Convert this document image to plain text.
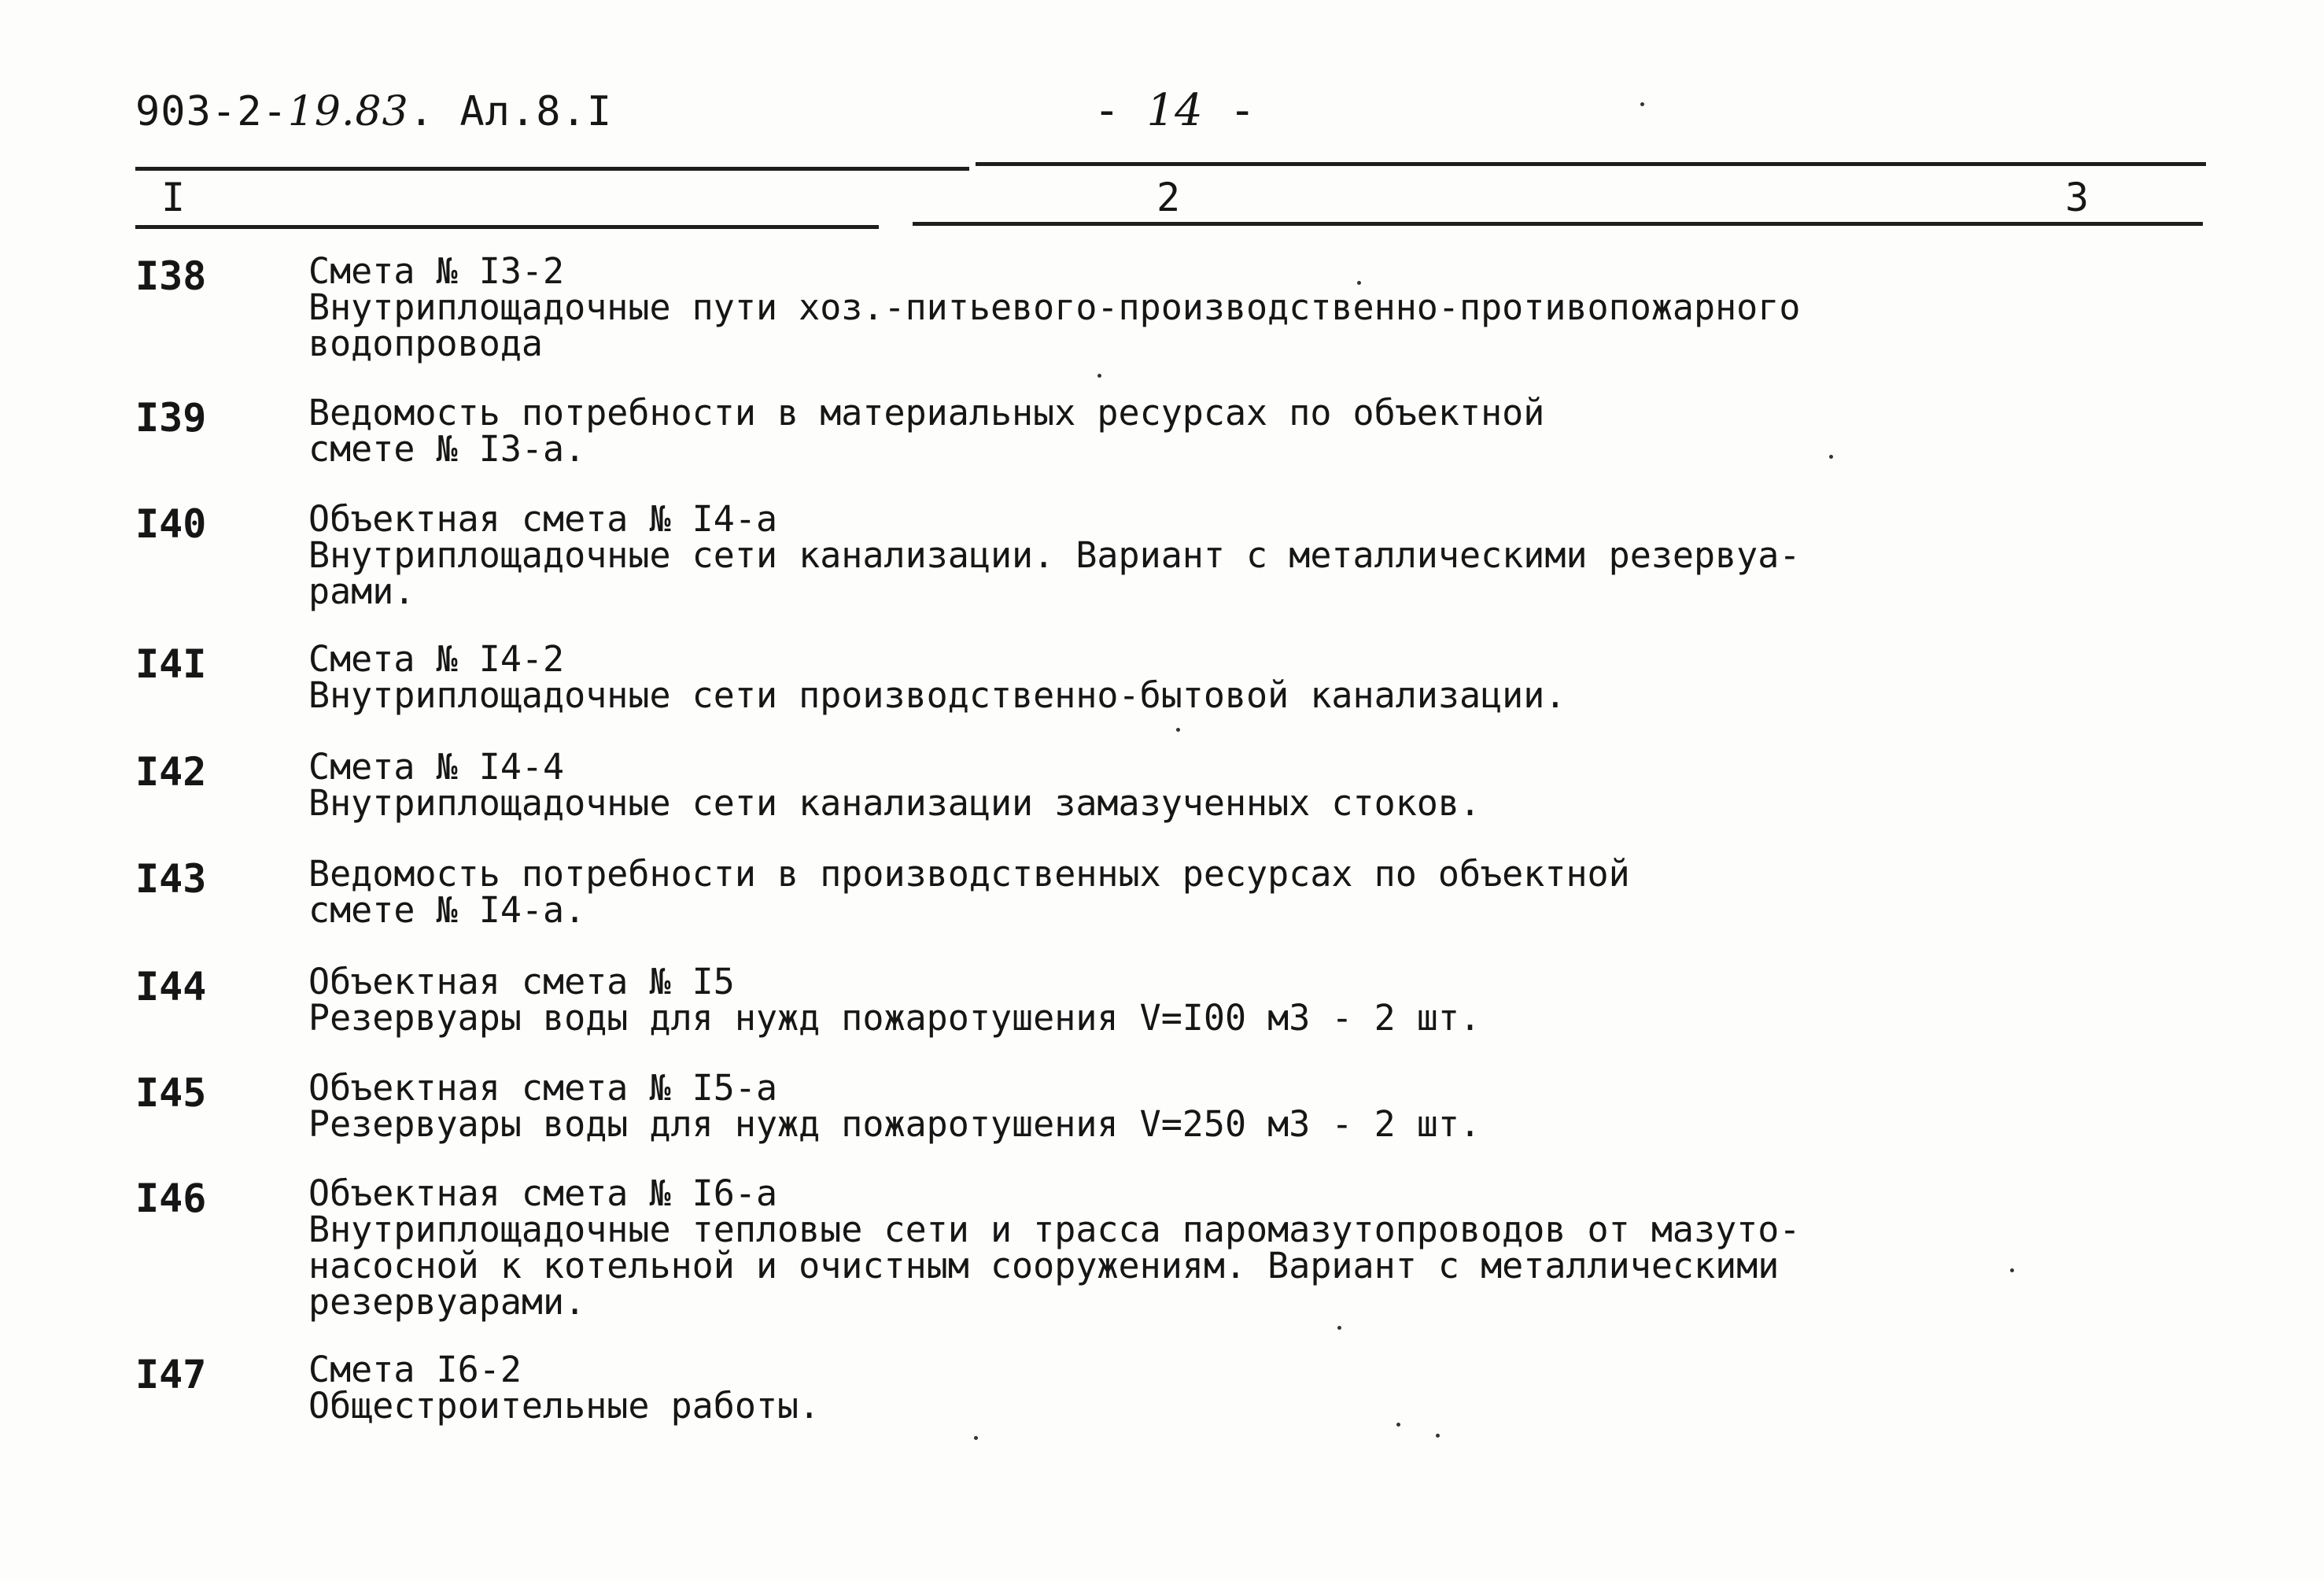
903-2-19.83. Ал.8.I	- 14 -
I	2	3
I38	Смета № I3-2
Внутриплощадочные пути хоз.-питьевого-производственно-противопожарного
водопровода
I39	Ведомость потребности в материальных ресурсах по объектной
смете № I3-а.
I40	Объектная смета № I4-а
Внутриплощадочные сети канализации. Вариант с металлическими резервуа-
рами.
I4I	Смета № I4-2
Внутриплощадочные сети производственно-бытовой канализации.
I42	Смета № I4-4
Внутриплощадочные сети канализации замазученных стоков.
I43	Ведомость потребности в производственных ресурсах по объектной
смете № I4-а.
I44	Объектная смета № I5
Резервуары воды для нужд пожаротушения V=I00 м3 - 2 шт.
I45	Объектная смета № I5-а
Резервуары воды для нужд пожаротушения V=250 м3 - 2 шт.
I46	Объектная смета № I6-а
Внутриплощадочные тепловые сети и трасса паромазутопроводов от мазуто-
насосной к котельной и очистным сооружениям. Вариант с металлическими
резервуарами.
I47	Смета I6-2
Общестроительные работы.
